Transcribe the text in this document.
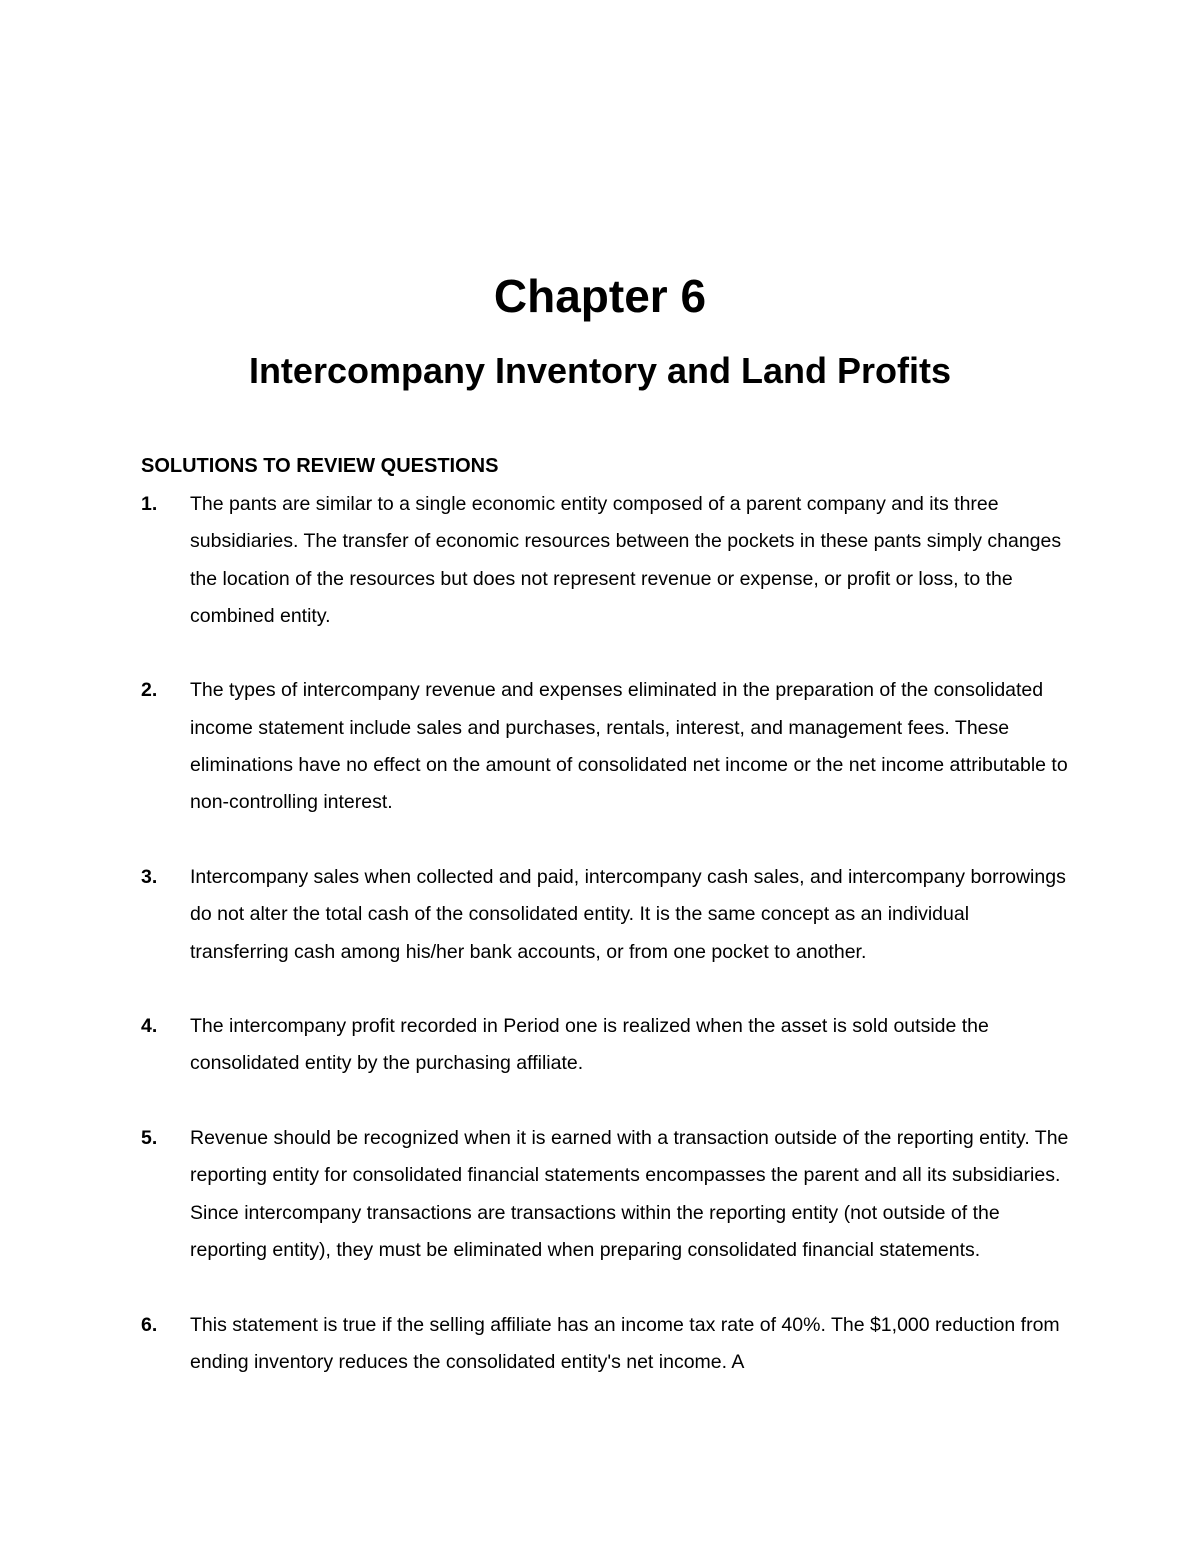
Chapter 6
Intercompany Inventory and Land Profits
SOLUTIONS TO REVIEW QUESTIONS
1. The pants are similar to a single economic entity composed of a parent company and its three subsidiaries. The transfer of economic resources between the pockets in these pants simply changes the location of the resources but does not represent revenue or expense, or profit or loss, to the combined entity.
2. The types of intercompany revenue and expenses eliminated in the preparation of the consolidated income statement include sales and purchases, rentals, interest, and management fees. These eliminations have no effect on the amount of consolidated net income or the net income attributable to non-controlling interest.
3. Intercompany sales when collected and paid, intercompany cash sales, and intercompany borrowings do not alter the total cash of the consolidated entity. It is the same concept as an individual transferring cash among his/her bank accounts, or from one pocket to another.
4. The intercompany profit recorded in Period one is realized when the asset is sold outside the consolidated entity by the purchasing affiliate.
5. Revenue should be recognized when it is earned with a transaction outside of the reporting entity. The reporting entity for consolidated financial statements encompasses the parent and all its subsidiaries. Since intercompany transactions are transactions within the reporting entity (not outside of the reporting entity), they must be eliminated when preparing consolidated financial statements.
6. This statement is true if the selling affiliate has an income tax rate of 40%. The $1,000 reduction from ending inventory reduces the consolidated entity's net income. A
